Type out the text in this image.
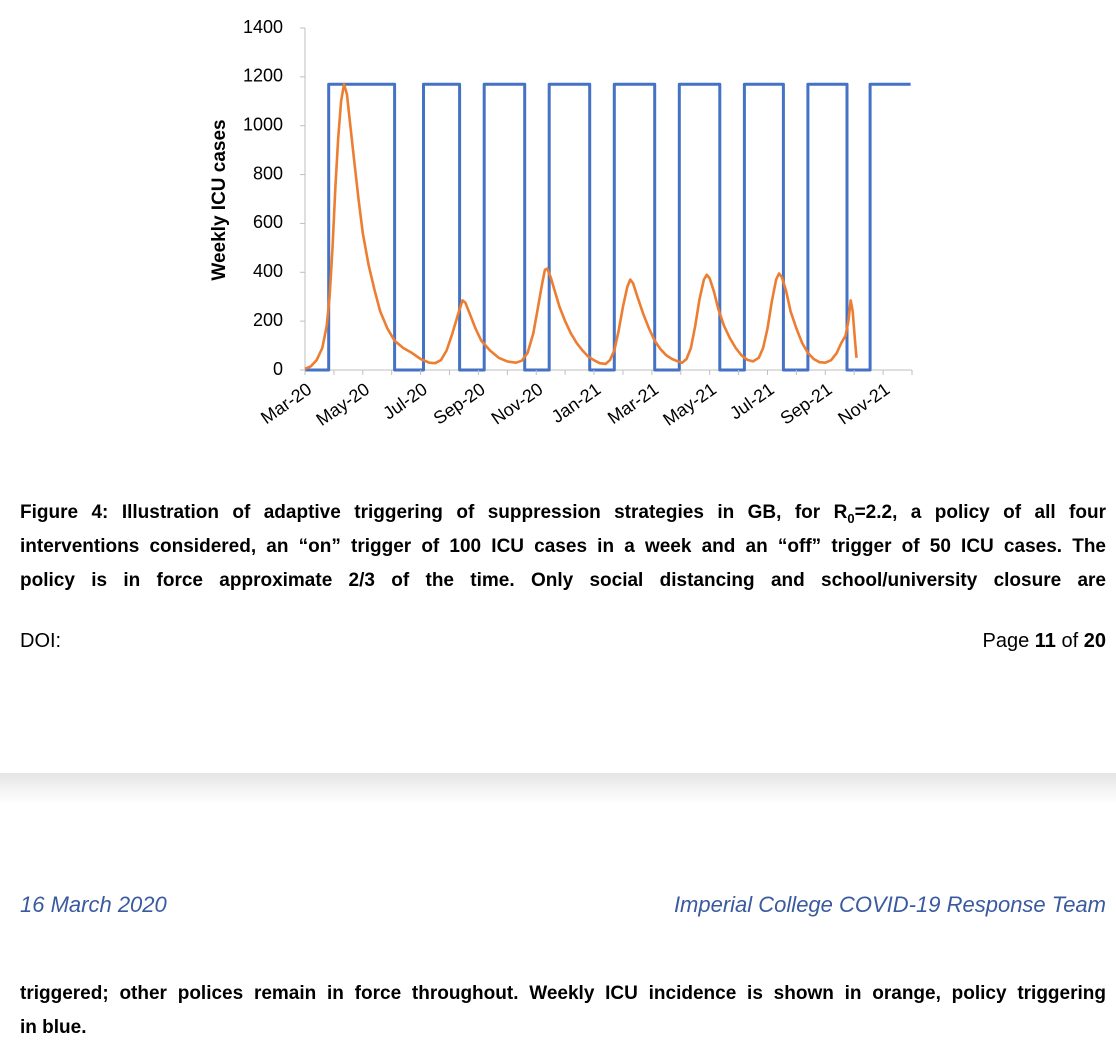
0
200
400
600
800
1000
1200
1400
Mar-20
May-20 Jul-20
Sep-20
Nov-20 Jan-21 Mar-21
May-21 Jul-21
Sep-21
Nov-21
Weekly ICU cases
Figure 4: Illustration of adaptive triggering of suppression strategies in GB, for $R_0=2.2$, a policy of all four
interventions considered, an “on” trigger of 100 ICU cases in a week and an “off” trigger of 50 ICU cases. The
policy is in force approximate 2/3 of the time. Only social distancing and school/university closure are
DOI:	Page 11 of 20
16 March 2020	Imperial College COVID-19 Response Team
triggered; other polices remain in force throughout. Weekly ICU incidence is shown in orange, policy triggering
in blue.
